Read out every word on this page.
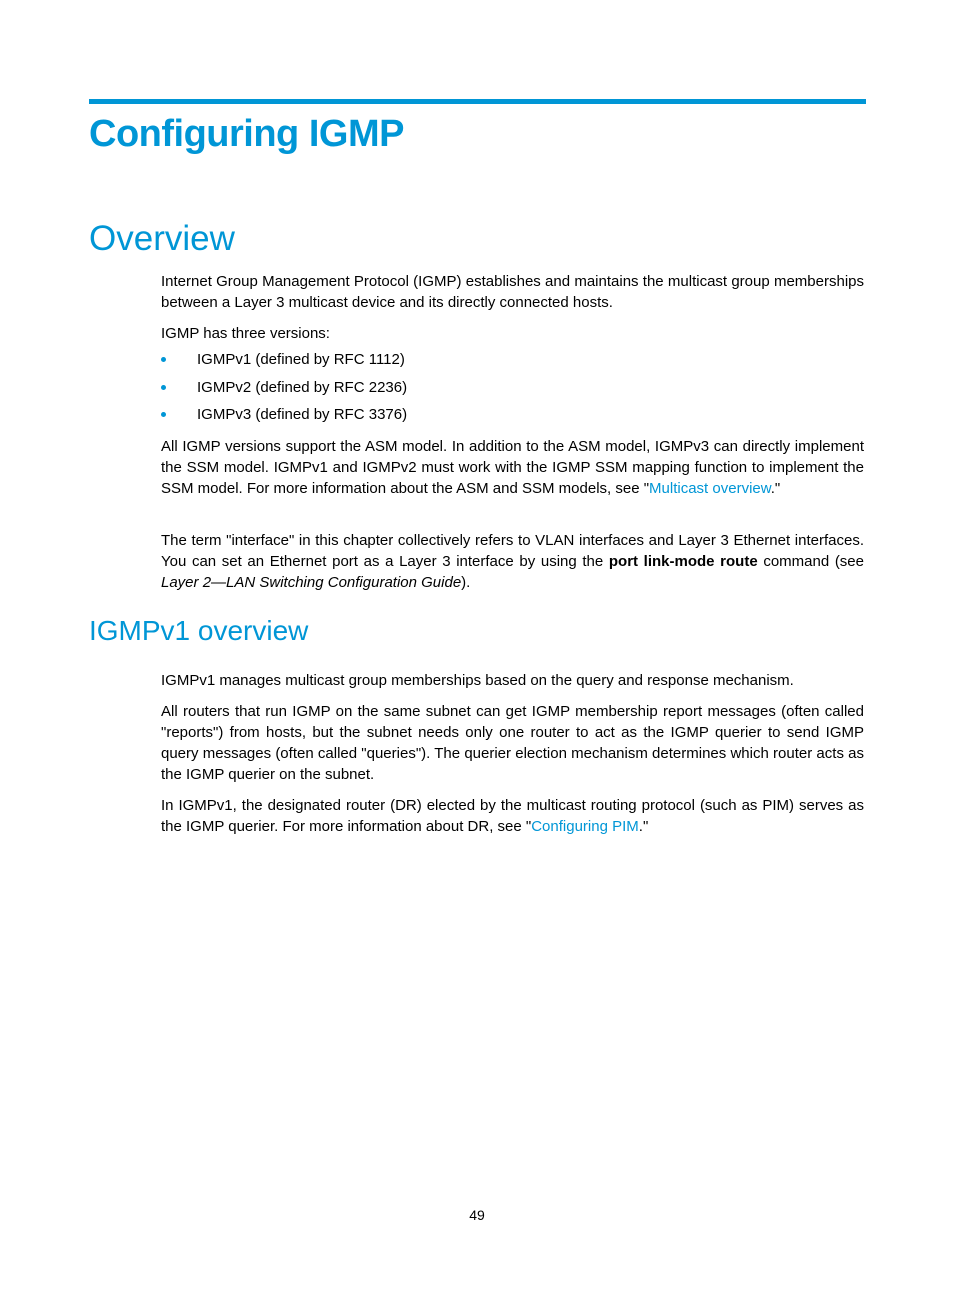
Configuring IGMP
Overview

Internet Group Management Protocol (IGMP) establishes and maintains the multicast group memberships between a Layer 3 multicast device and its directly connected hosts.

IGMP has three versions:

IGMPv1 (defined by RFC 1112)
IGMPv2 (defined by RFC 2236)
IGMPv3 (defined by RFC 3376)

All IGMP versions support the ASM model. In addition to the ASM model, IGMPv3 can directly implement the SSM model. IGMPv1 and IGMPv2 must work with the IGMP SSM mapping function to implement the SSM model. For more information about the ASM and SSM models, see "Multicast overview."

The term "interface" in this chapter collectively refers to VLAN interfaces and Layer 3 Ethernet interfaces. You can set an Ethernet port as a Layer 3 interface by using the port link-mode route command (see Layer 2—LAN Switching Configuration Guide).

IGMPv1 overview

IGMPv1 manages multicast group memberships based on the query and response mechanism.

All routers that run IGMP on the same subnet can get IGMP membership report messages (often called "reports") from hosts, but the subnet needs only one router to act as the IGMP querier to send IGMP query messages (often called "queries"). The querier election mechanism determines which router acts as the IGMP querier on the subnet.

In IGMPv1, the designated router (DR) elected by the multicast routing protocol (such as PIM) serves as the IGMP querier. For more information about DR, see "Configuring PIM."

49
